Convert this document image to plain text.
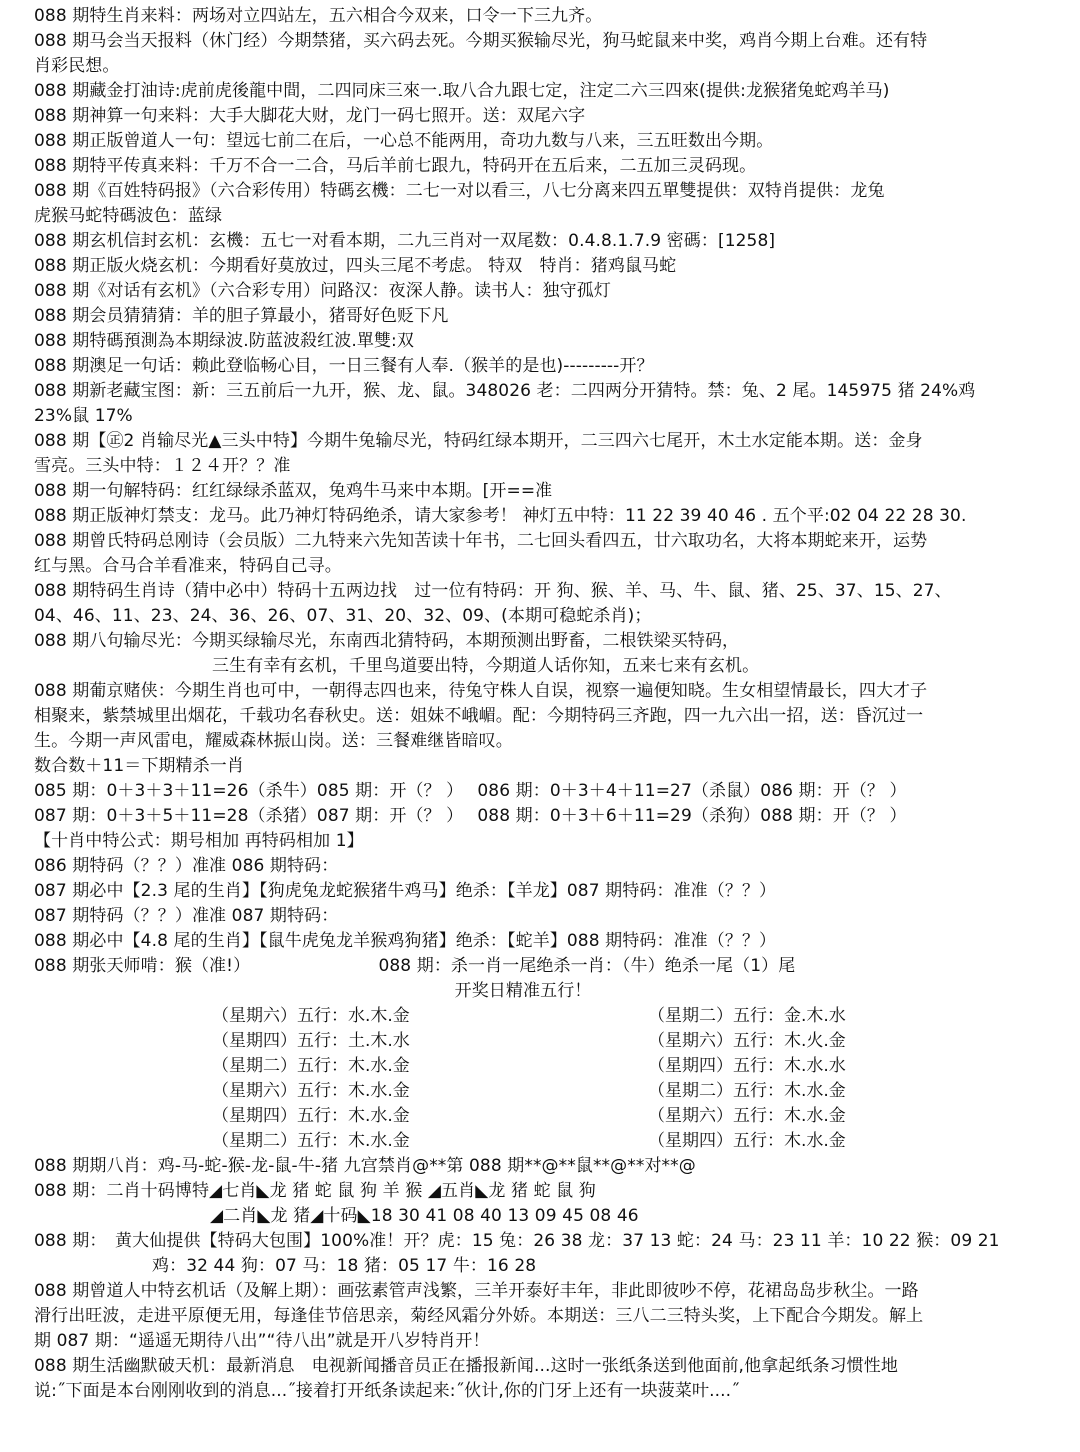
088 期特生肖来料：两场对立四站左，五六相合今双来，口令一下三九齐。
088 期马会当天报料（休门经）今期禁猪，买六码去死。今期买猴输尽光，狗马蛇鼠来中奖，鸡肖今期上台难。还有特
肖彩民想。
088 期藏金打油诗:虎前虎後龍中間，二四同床三來一.取八合九跟七定，注定二六三四來(提供:龙猴猪兔蛇鸡羊马)
088 期神算一句来料：大手大脚花大财，龙门一码七照开。送：双尾六字
088 期正版曾道人一句：望远七前二在后，一心总不能两用，奇功九数与八来，三五旺数出今期。
088 期特平传真来料：千万不合一二合，马后羊前七跟九，特码开在五后来，二五加三灵码现。
088 期《百姓特码报》（六合彩传用）特碼玄機：二七一对以看三，八七分离来四五單雙提供：双特肖提供：龙兔
虎猴马蛇特碼波色：蓝绿
088 期玄机信封玄机：玄機：五七一对看本期，二九三肖对一双尾数：0.4.8.1.7.9 密碼：[1258]
088 期正版火烧玄机：今期看好莫放过，四头三尾不考虑。 特双　特肖：猪鸡鼠马蛇
088 期《对话有玄机》（六合彩专用）问路汉：夜深人静。读书人：独守孤灯
088 期会员猜猜猜：羊的胆子算最小，猪哥好色贬下凡
088 期特碼預測為本期绿波.防蓝波殺红波.單雙:双
088 期澳足一句话：赖此登临畅心目，一日三餐有人奉.（猴羊的是也)---------开？
088 期新老藏宝图：新：三五前后一九开，猴、龙、鼠。348026 老：二四两分开猜特。禁：兔、2 尾。145975 猪 24%鸡
23%鼠 17%
088 期【㊣2 肖输尽光▲三头中特】今期牛兔输尽光，特码红绿本期开，二三四六七尾开，木土水定能本期。送：金身
雪亮。三头中特：１２４开？？准
088 期一句解特码：红红绿绿杀蓝双，兔鸡牛马来中本期。[开==准
088 期正版神灯禁支：龙马。此乃神灯特码绝杀，请大家参考！ 神灯五中特：11 22 39 40 46 . 五个平:02 04 22 28 30.
088 期曾氏特码总刚诗（会员版）二九特来六先知苦读十年书，二七回头看四五，廿六取功名，大将本期蛇来开，运势
红与黑。合马合羊看准来，特码自己寻。
088 期特码生肖诗（猜中必中）特码十五两边找　过一位有特码：开 狗、猴、羊、马、牛、鼠、猪、25、37、15、27、
04、46、11、23、24、36、26、07、31、20、32、09、(本期可稳蛇杀肖)；
088 期八句输尽光：今期买绿输尽光，东南西北猜特码，本期预测出野畜，二根铁梁买特码，
三生有幸有玄机，千里鸟道要出特，今期道人话你知，五来七来有玄机。
088 期葡京赌侠：今期生肖也可中，一朝得志四也来，待兔守株人自误，视察一遍便知晓。生女相望情最长，四大才子
相聚来，紫禁城里出烟花，千载功名春秋史。送：姐妹不峨嵋。配：今期特码三齐跑，四一九六出一招，送：昏沉过一
生。今期一声风雷电，耀威森林振山岗。送：三餐难继皆暗叹。
数合数＋11＝下期精杀一肖
085 期：0＋3＋3＋11=26（杀牛）085 期：开（？ ）　 086 期：0＋3＋4＋11=27（杀鼠）086 期：开（？ ）
087 期：0＋3＋5＋11=28（杀猪）087 期：开（？ ）　 088 期：0＋3＋6＋11=29（杀狗）088 期：开（？ ）
【十肖中特公式：期号相加 再特码相加 1】
086 期特码（？？）准准 086 期特码：
087 期必中【2.3 尾的生肖】【狗虎兔龙蛇猴猪牛鸡马】绝杀：【羊龙】087 期特码：准准（？？）
087 期特码（？？）准准 087 期特码：
088 期必中【4.8 尾的生肖】【鼠牛虎兔龙羊猴鸡狗猪】绝杀：【蛇羊】088 期特码：准准（？？）
088 期张天师啃：猴（准!）　　　　　　　　088 期：杀一肖一尾绝杀一肖：（牛）绝杀一尾（1）尾
开奖日精准五行！
（星期六）五行：水.木.金	（星期二）五行：金.木.水
（星期四）五行：土.木.水	（星期六）五行：木.火.金
（星期二）五行：木.水.金	（星期四）五行：木.水.水
（星期六）五行：木.水.金	（星期二）五行：木.水.金
（星期四）五行：木.水.金	（星期六）五行：木.水.金
（星期二）五行：木.水.金	（星期四）五行：木.水.金
088 期期八肖：鸡-马-蛇-猴-龙-鼠-牛-猪 九宫禁肖@**第 088 期**@**鼠**@**对**@
088 期：二肖十码博特◢七肖◣龙 猪 蛇 鼠 狗 羊 猴 ◢五肖◣龙 猪 蛇 鼠 狗
◢二肖◣龙 猪◢十码◣18 30 41 08 40 13 09 45 08 46
088 期：　黄大仙提供【特码大包围】100%准！开？虎：15 兔：26 38 龙：37 13 蛇：24 马：23 11 羊：10 22 猴：09 21
鸡：32 44 狗：07 马：18 猪：05 17 牛：16 28
088 期曾道人中特玄机话（及解上期）：画弦素管声浅繁，三羊开泰好丰年，非此即彼吵不停，花裙岛岛步秋尘。一路
滑行出旺波，走进平原便无用，每逢佳节倍思亲，菊经风霜分外娇。本期送：三八二三特头奖，上下配合今期发。解上
期 087 期：“遥遥无期待八出”“待八出”就是开八岁特肖开！
088 期生活幽默破天机：最新消息　电视新闻播音员正在播报新闻...这时一张纸条送到他面前,他拿起纸条习惯性地
说:˝下面是本台刚刚收到的消息...˝接着打开纸条读起来:˝伙计,你的门牙上还有一块菠菜叶....˝
